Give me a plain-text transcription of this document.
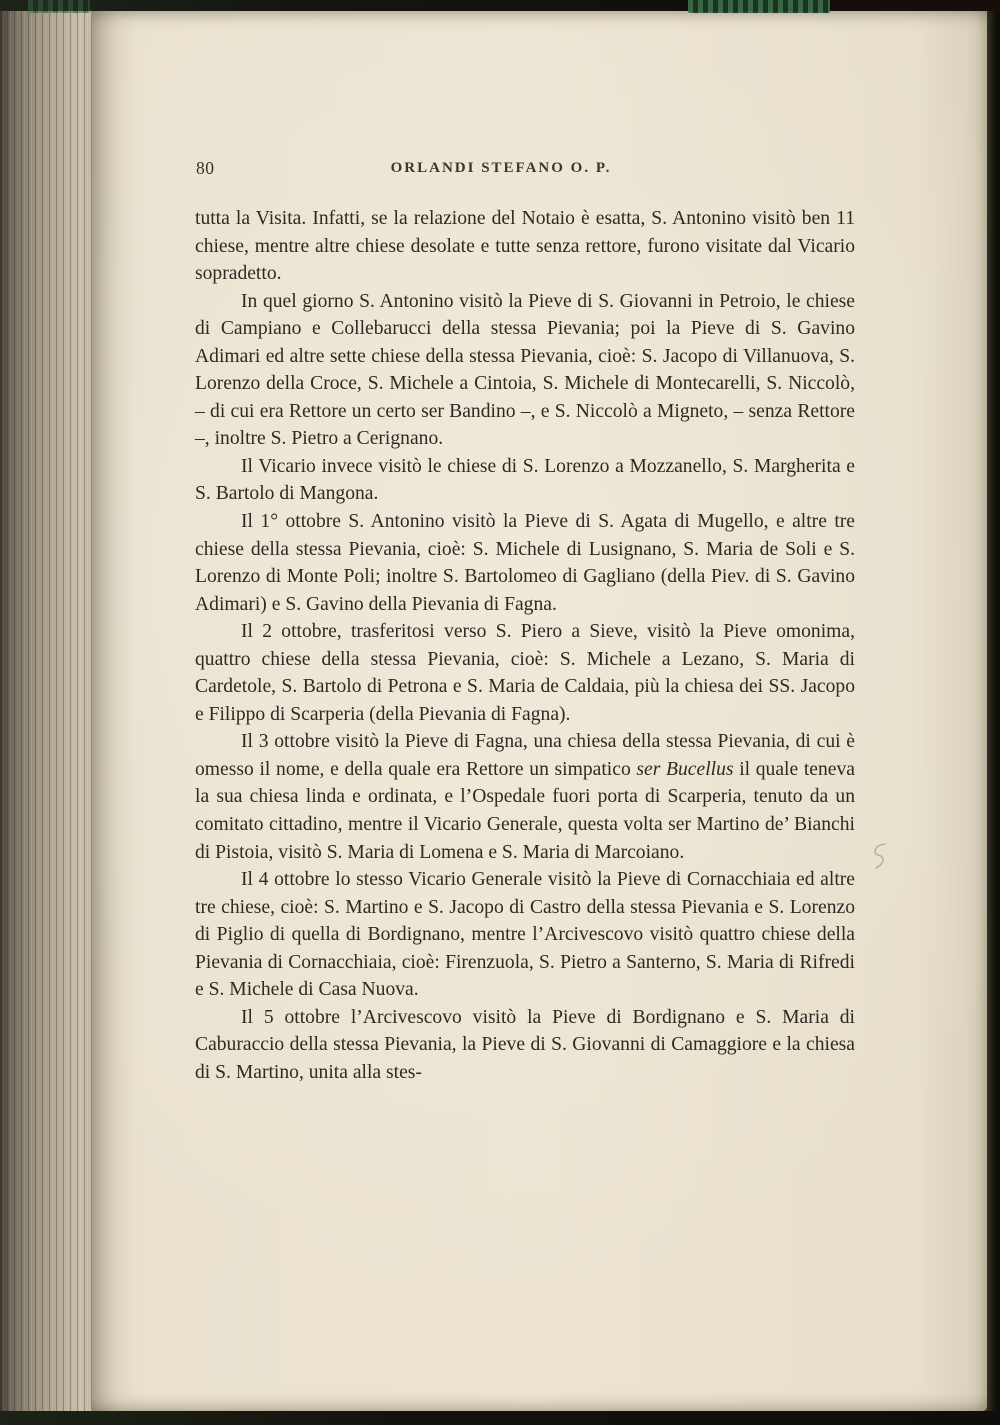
80	ORLANDI STEFANO O. P.

tutta la Visita. Infatti, se la relazione del Notaio è esatta, S. Antonino visitò ben 11 chiese, mentre altre chiese desolate e tutte senza rettore, furono visitate dal Vicario sopradetto.

In quel giorno S. Antonino visitò la Pieve di S. Giovanni in Petroio, le chiese di Campiano e Collebarucci della stessa Pievania; poi la Pieve di S. Gavino Adimari ed altre sette chiese della stessa Pievania, cioè: S. Jacopo di Villanuova, S. Lorenzo della Croce, S. Michele a Cintoia, S. Michele di Montecarelli, S. Niccolò, – di cui era Rettore un certo ser Bandino –, e S. Niccolò a Migneto, – senza Rettore –, inoltre S. Pietro a Cerignano.

Il Vicario invece visitò le chiese di S. Lorenzo a Mozzanello, S. Margherita e S. Bartolo di Mangona.

Il 1° ottobre S. Antonino visitò la Pieve di S. Agata di Mugello, e altre tre chiese della stessa Pievania, cioè: S. Michele di Lusignano, S. Maria de Soli e S. Lorenzo di Monte Poli; inoltre S. Bartolomeo di Gagliano (della Piev. di S. Gavino Adimari) e S. Gavino della Pievania di Fagna.

Il 2 ottobre, trasferitosi verso S. Piero a Sieve, visitò la Pieve omonima, quattro chiese della stessa Pievania, cioè: S. Michele a Lezano, S. Maria di Cardetole, S. Bartolo di Petrona e S. Maria de Caldaia, più la chiesa dei SS. Jacopo e Filippo di Scarperia (della Pievania di Fagna).

Il 3 ottobre visitò la Pieve di Fagna, una chiesa della stessa Pievania, di cui è omesso il nome, e della quale era Rettore un simpatico ser Bucellus il quale teneva la sua chiesa linda e ordinata, e l’Ospedale fuori porta di Scarperia, tenuto da un comitato cittadino, mentre il Vicario Generale, questa volta ser Martino de’ Bianchi di Pistoia, visitò S. Maria di Lomena e S. Maria di Marcoiano.

Il 4 ottobre lo stesso Vicario Generale visitò la Pieve di Cornacchiaia ed altre tre chiese, cioè: S. Martino e S. Jacopo di Castro della stessa Pievania e S. Lorenzo di Piglio di quella di Bordignano, mentre l’Arcivescovo visitò quattro chiese della Pievania di Cornacchiaia, cioè: Firenzuola, S. Pietro a Santerno, S. Maria di Rifredi e S. Michele di Casa Nuova.

Il 5 ottobre l’Arcivescovo visitò la Pieve di Bordignano e S. Maria di Caburaccio della stessa Pievania, la Pieve di S. Giovanni di Camaggiore e la chiesa di S. Martino, unita alla stes-
